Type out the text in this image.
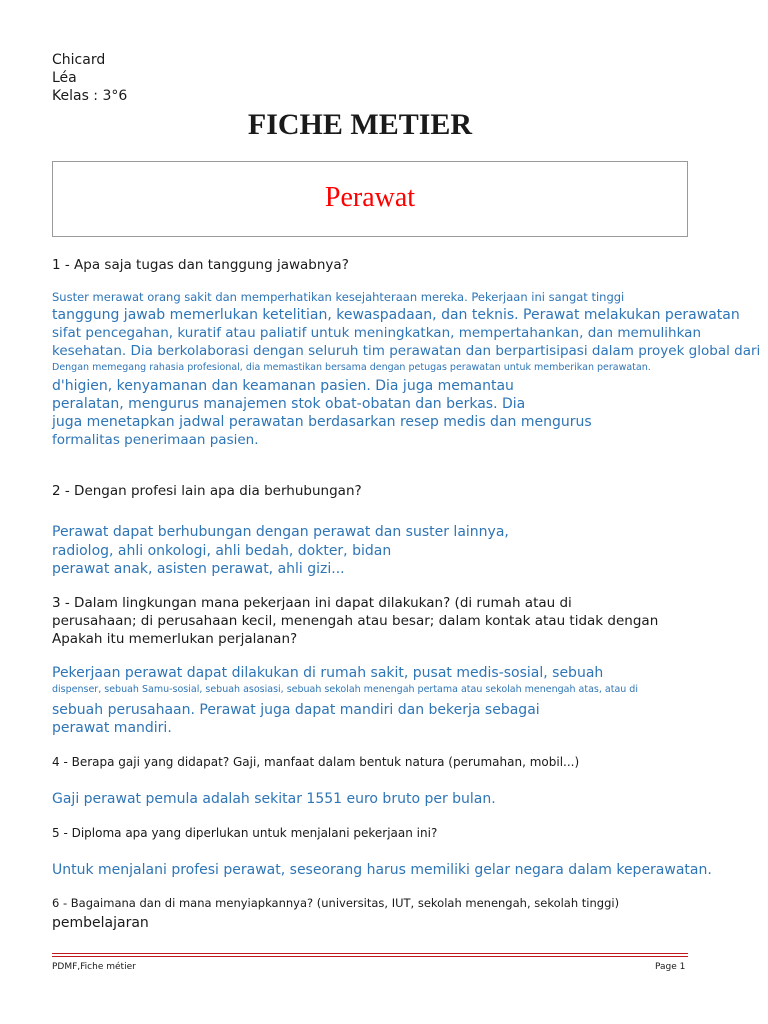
Chicard

Léa

Kelas : 3°6

FICHE METIER
Perawat

1 - Apa saja tugas dan tanggung jawabnya?

Suster merawat orang sakit dan memperhatikan kesejahteraan mereka. Pekerjaan ini sangat tinggi

tanggung jawab memerlukan ketelitian, kewaspadaan, dan teknis. Perawat melakukan perawatan

sifat pencegahan, kuratif atau paliatif untuk meningkatkan, mempertahankan, dan memulihkan

kesehatan. Dia berkolaborasi dengan seluruh tim perawatan dan berpartisipasi dalam proyek global dari

Dengan memegang rahasia profesional, dia memastikan bersama dengan petugas perawatan untuk memberikan perawatan.

d'higien, kenyamanan dan keamanan pasien. Dia juga memantau

peralatan, mengurus manajemen stok obat-obatan dan berkas. Dia

juga menetapkan jadwal perawatan berdasarkan resep medis dan mengurus

formalitas penerimaan pasien.

2 - Dengan profesi lain apa dia berhubungan?

Perawat dapat berhubungan dengan perawat dan suster lainnya,

radiolog, ahli onkologi, ahli bedah, dokter, bidan

perawat anak, asisten perawat, ahli gizi...

3 - Dalam lingkungan mana pekerjaan ini dapat dilakukan? (di rumah atau di

perusahaan; di perusahaan kecil, menengah atau besar; dalam kontak atau tidak dengan

Apakah itu memerlukan perjalanan?

Pekerjaan perawat dapat dilakukan di rumah sakit, pusat medis-sosial, sebuah

dispenser, sebuah Samu-sosial, sebuah asosiasi, sebuah sekolah menengah pertama atau sekolah menengah atas, atau di

sebuah perusahaan. Perawat juga dapat mandiri dan bekerja sebagai

perawat mandiri.

4 - Berapa gaji yang didapat? Gaji, manfaat dalam bentuk natura (perumahan, mobil...)

Gaji perawat pemula adalah sekitar 1551 euro bruto per bulan.

5 - Diploma apa yang diperlukan untuk menjalani pekerjaan ini?

Untuk menjalani profesi perawat, seseorang harus memiliki gelar negara dalam keperawatan.

6 - Bagaimana dan di mana menyiapkannya? (universitas, IUT, sekolah menengah, sekolah tinggi)

pembelajaran

PDMF,Fiche métier	Page 1
